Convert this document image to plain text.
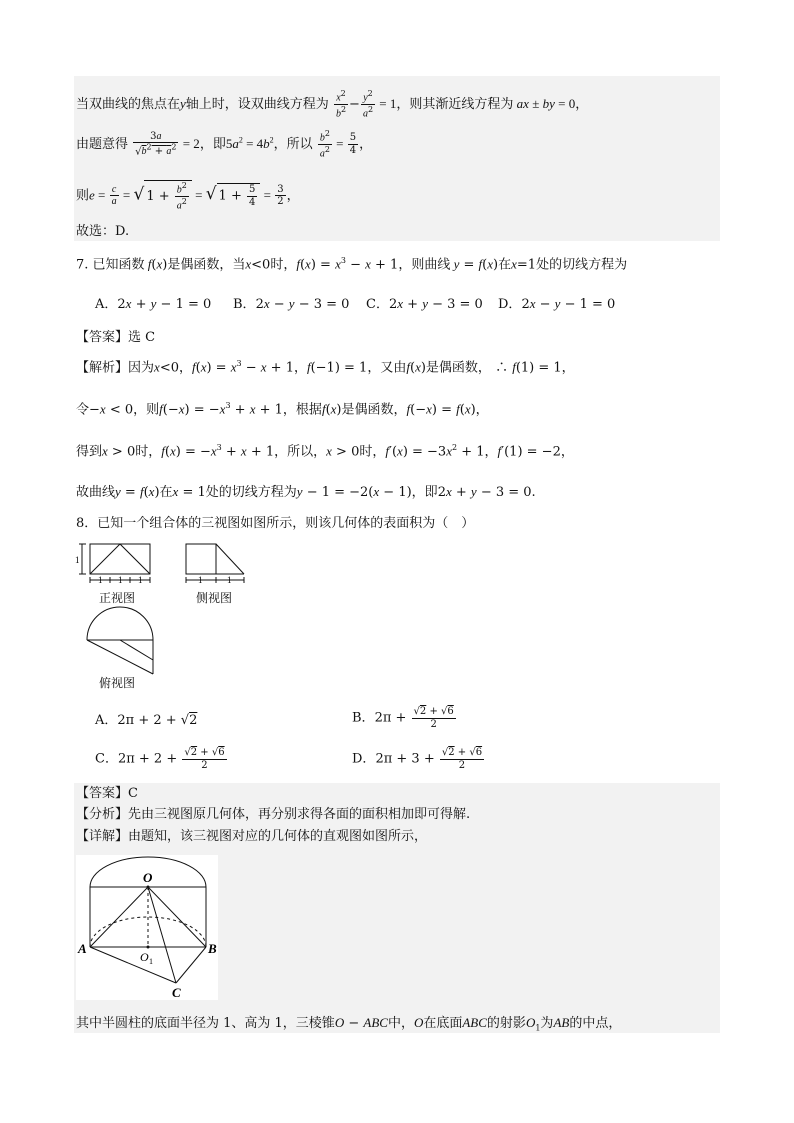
当双曲线的焦点在y轴上时，设双曲线方程为 $\frac{x^2}{b^2} - \frac{y^2}{a^2} = 1$，则其渐近线方程为 ax ± by = 0，
由题意得 $\frac{3a}{√b^2 + a^2} = 2$，即$5a^2 = 4b^2$，所以 $\frac{b^2}{a^2} = \frac{5}{4}$ ，
则$e = \frac{c}{a}$ = √ $1 + \frac{b^2}{a^2}$ = √ $1 + \frac{5}{4} = \frac{3}{2}$ ，
故选：D.
7. 已知函数 f(x)是偶函数，当x<0时，$f(x) = x^3 - x + 1$，则曲线 y = f(x)在x=1处的切线方程为
A．2x + y − 1 = 0 B．2x − y − 3 = 0 C．2x + y − 3 = 0 D．2x − y − 1 = 0
【答案】选 C
【解析】因为x<0，$f(x) = x^3 - x + 1$，f(−1) = 1，又由f(x)是偶函数， ∴ f(1) = 1，
令−x < 0，则$f(-x) = -x^3 + x + 1$，根据f(x)是偶函数，f(−x) = f(x)，
得到x > 0时，$f(x) = -x^3 + x + 1$，所以，x > 0时，$f'(x) = -3x^2 + 1$，f′(1) = −2，
故曲线y = f(x)在x = 1处的切线方程为y − 1 = −2(x − 1)，即2x + y − 3 = 0.
8．已知一个组合体的三视图如图所示，则该几何体的表面积为（　）
1
1 1 1	1	1
正视图	侧视图
俯视图
A．2π + 2 + √2	B．$2\pi + \frac{√2 + √6}{2}$
C．$2\pi + 2 + \frac{√2 + √6}{2}$	D．$2\pi + 3 + \frac{√2 + √6}{2}$
【答案】C
【分析】先由三视图原几何体，再分别求得各面的面积相加即可得解.
【详解】由题知，该三视图对应的几何体的直观图如图所示，
O
A	B
C
O 1
其中半圆柱的底面半径为 1、高为 1，三棱锥O − ABC中，O在底面ABC的射影$O_1$为AB的中点，
